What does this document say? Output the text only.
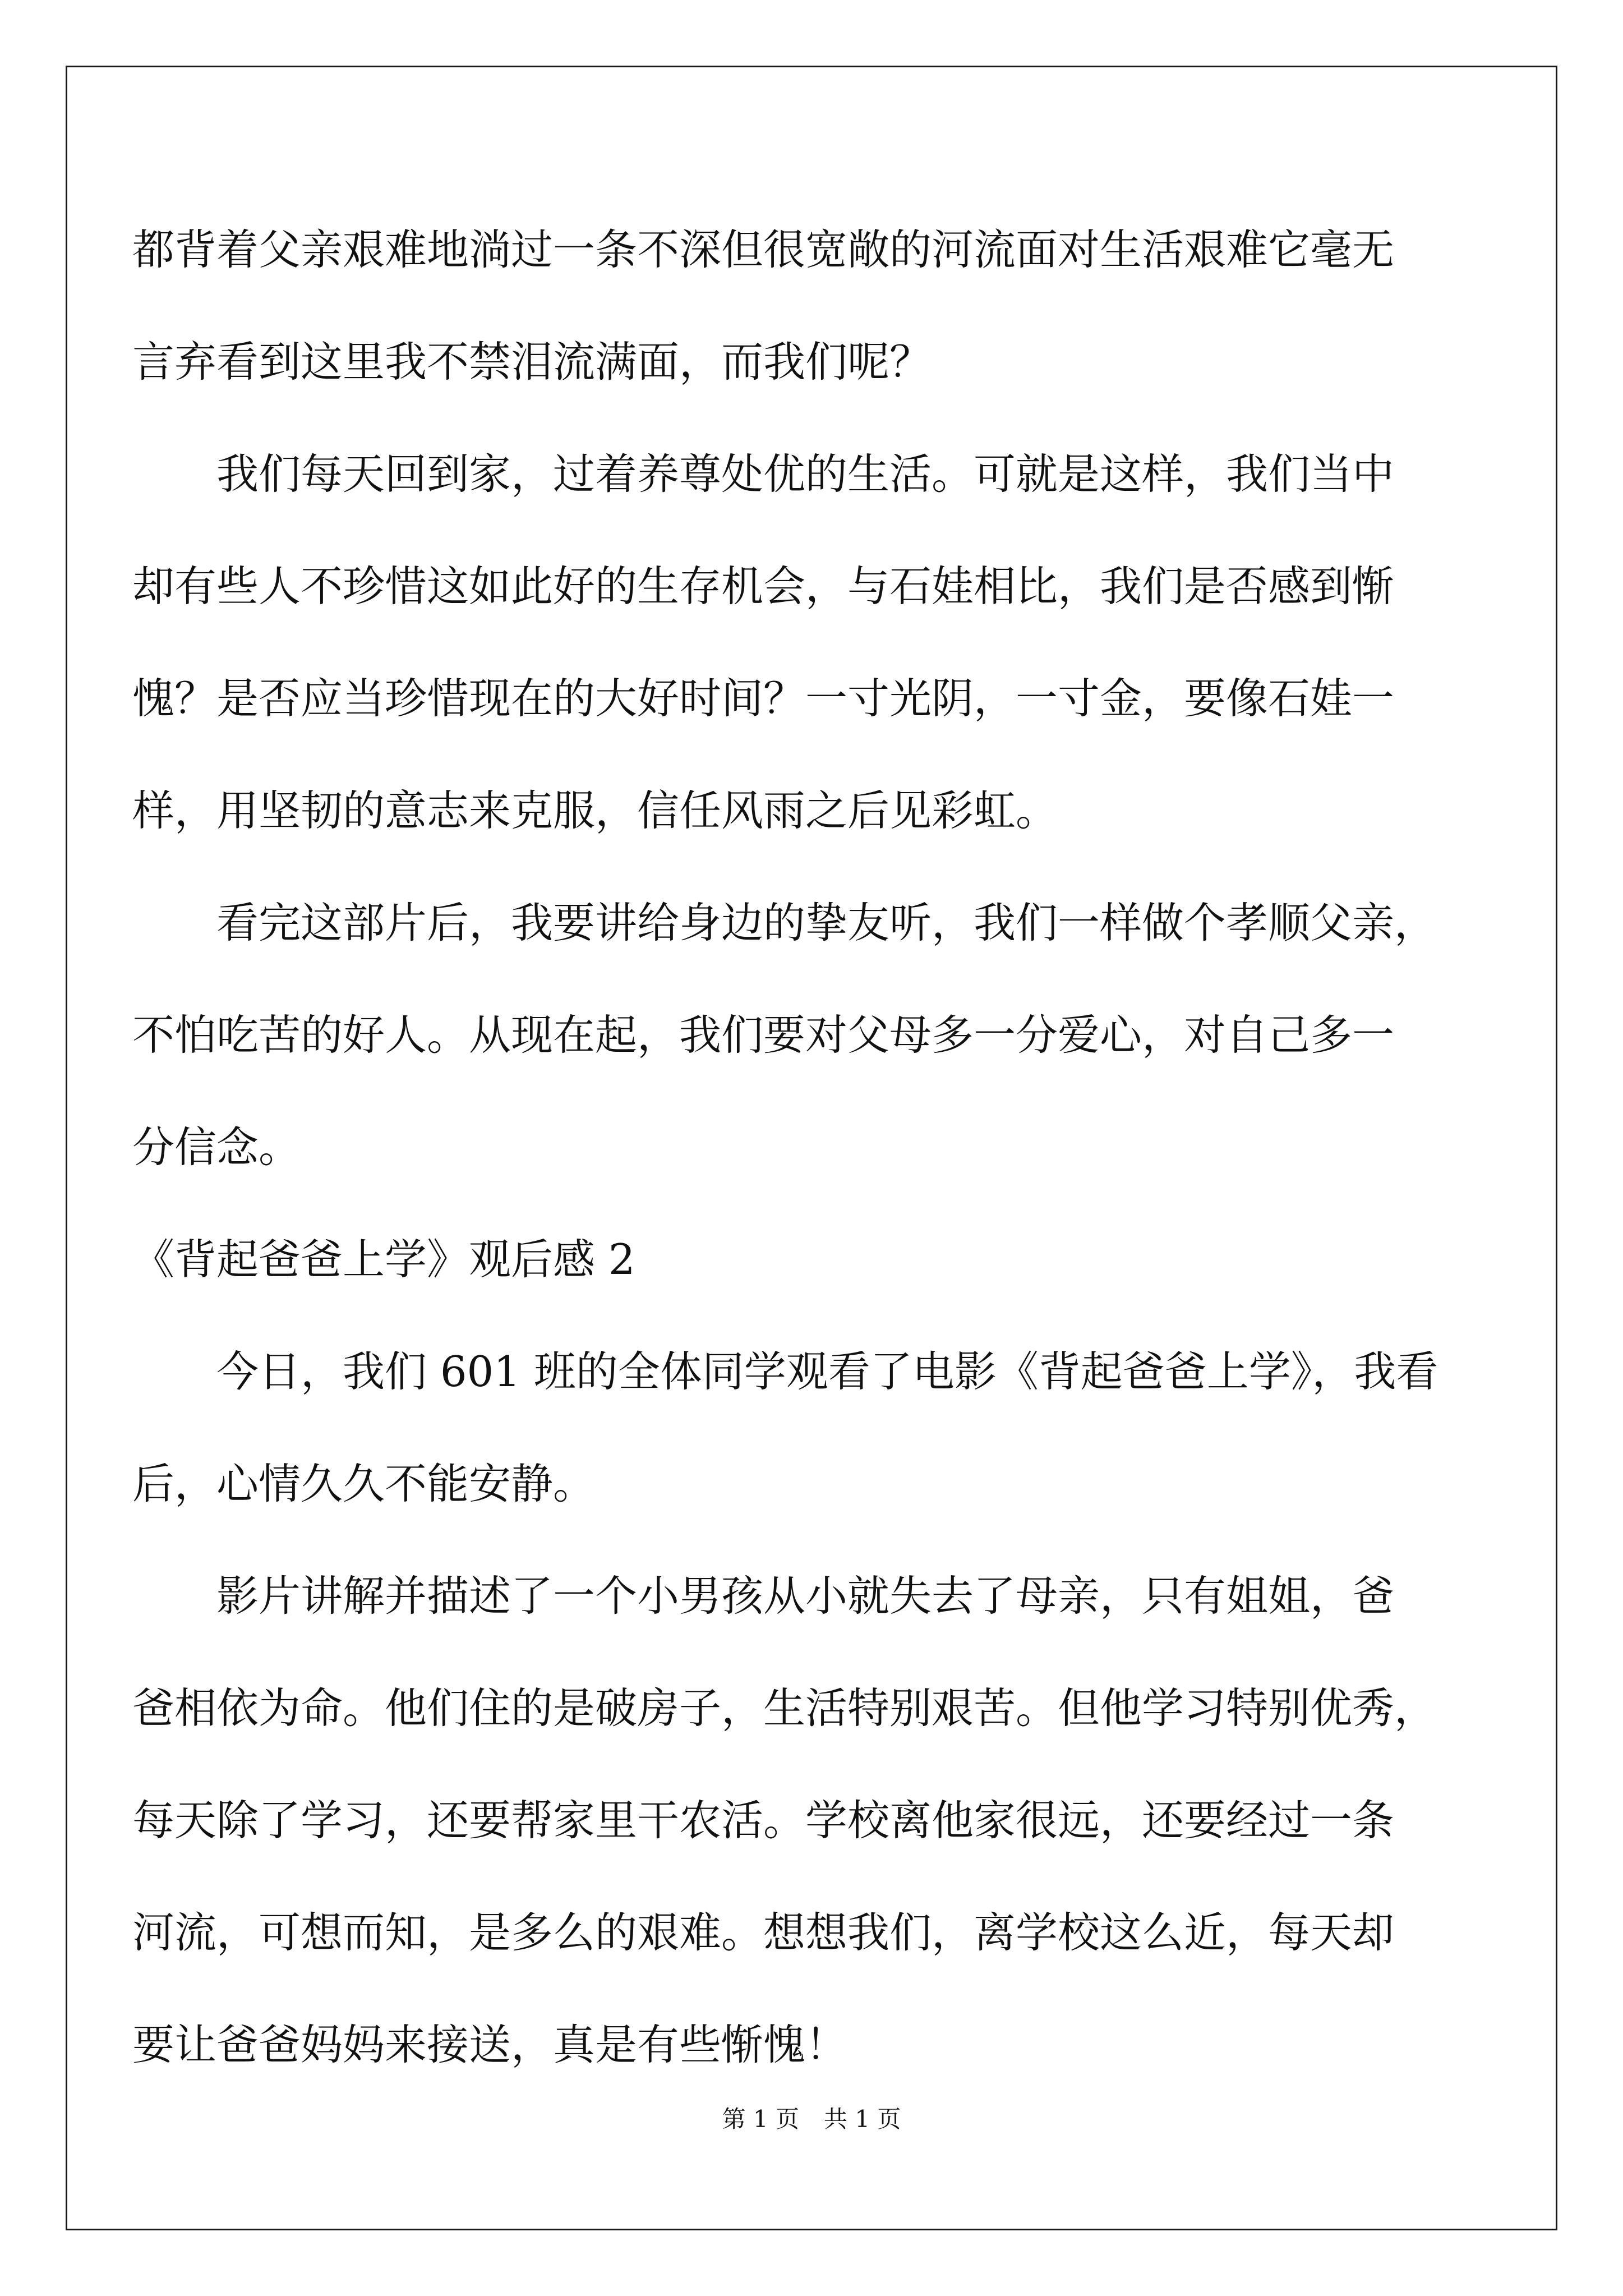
都背着父亲艰难地淌过一条不深但很宽敞的河流面对生活艰难它毫无

言弃看到这里我不禁泪流满面，而我们呢？

我们每天回到家，过着养尊处优的生活。可就是这样，我们当中

却有些人不珍惜这如此好的生存机会，与石娃相比，我们是否感到惭

愧？是否应当珍惜现在的大好时间？一寸光阴，一寸金，要像石娃一

样，用坚韧的意志来克服，信任风雨之后见彩虹。

看完这部片后，我要讲给身边的挚友听，我们一样做个孝顺父亲，

不怕吃苦的好人。从现在起，我们要对父母多一分爱心，对自己多一

分信念。

《背起爸爸上学》观后感 2

今日，我们 601 班的全体同学观看了电影《背起爸爸上学》，我看

后，心情久久不能安静。

影片讲解并描述了一个小男孩从小就失去了母亲，只有姐姐，爸

爸相依为命。他们住的是破房子，生活特别艰苦。但他学习特别优秀，

每天除了学习，还要帮家里干农活。学校离他家很远，还要经过一条

河流，可想而知，是多么的艰难。想想我们，离学校这么近，每天却

要让爸爸妈妈来接送，真是有些惭愧！

第 1 页 共 1 页
